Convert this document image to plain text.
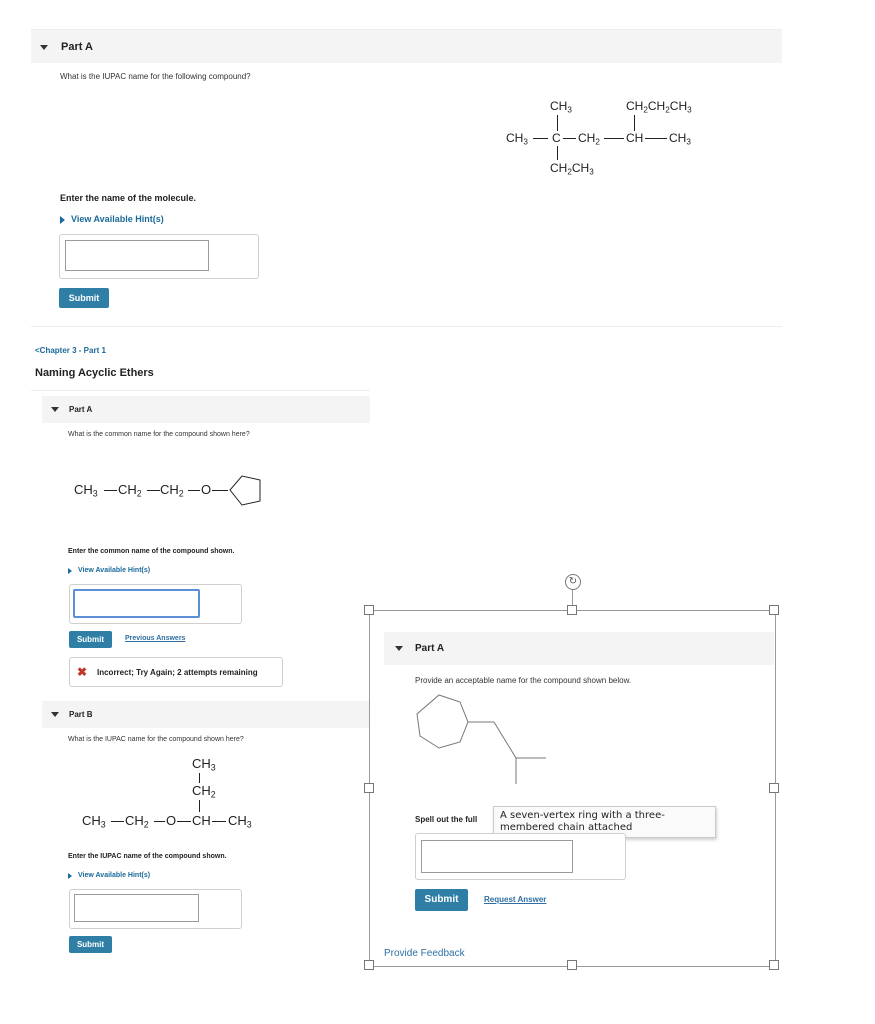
Part A
What is the IUPAC name for the following compound?
$CH_3$	$CH_2CH_2CH_3$
$CH_3$ C $CH_2$ CH $CH_3$
$CH_2CH_3$
Enter the name of the molecule.
View Available Hint(s)
Submit
<Chapter 3 - Part 1
Naming Acyclic Ethers
Part A
What is the common name for the compound shown here?
$CH_3$ $CH_2$ $CH_2$ O
Enter the common name of the compound shown.
View Available Hint(s)
Submit	Previous Answers
✖ Incorrect; Try Again; 2 attempts remaining
Part B
What is the IUPAC name for the compound shown here?
$CH_3$
$CH_2$
$CH_3$ $CH_2$ O CH $CH_3$
Enter the IUPAC name of the compound shown.
View Available Hint(s)
Submit
↻
Part A
Provide an acceptable name for the compound shown below.
Spell out the full	A seven-vertex ring with a three-membered chain attached
Submit	Request Answer
Provide Feedback
